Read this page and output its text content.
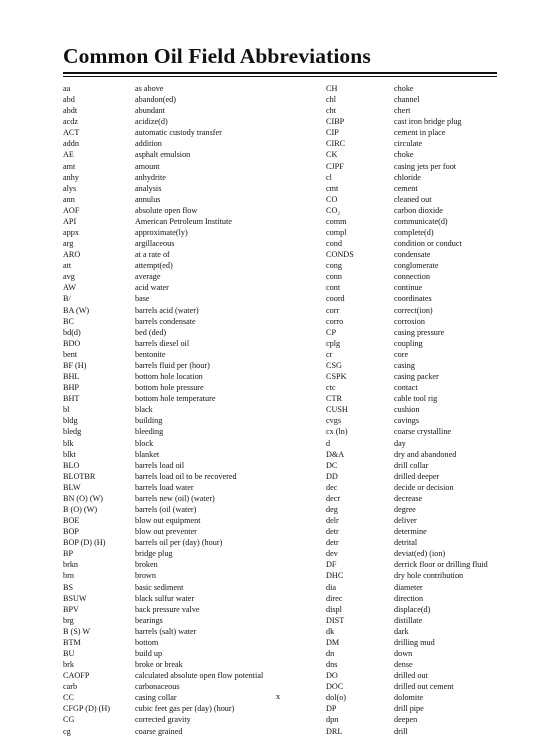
Common Oil Field Abbreviations
aa	as above	CH	choke
abd	abandon(ed)	chl	channel
abdt	abundant	cht	chert
acdz	acidize(d)	CIBP	cast iron bridge plug
ACT	automatic custody transfer	CIP	cement in place
addn	addition	CIRC	circulate
AE	asphalt emulsion	CK	choke
amt	amount	CJPF	casing jets per foot
anhy	anhydrite	cl	chloride
alys	analysis	cmt	cement
ann	annulus	CO	cleaned out
AOF	absolute open flow	CO₂	carbon dioxide
API	American Petroleum Institute	comm	communicate(d)
appx	approximate(ly)	compl	complete(d)
arg	argillaceous	cond	condition or conduct
ARO	at a rate of	CONDS	condensate
att	attempt(ed)	cong	conglomerate
avg	average	conn	connection
AW	acid water	cont	continue
B/	base	coord	coordinates
BA (W)	barrels acid (water)	corr	correct(ion)
BC	barrels condensate	corro	corrosion
bd(d)	bed (ded)	CP	casing pressure
BDO	barrels diesel oil	cplg	coupling
bent	bentonite	cr	core
BF (H)	barrels fluid per (hour)	CSG	casing
BHL	bottom hole location	CSPK	casing packer
BHP	bottom hole pressure	ctc	contact
BHT	bottom hole temperature	CTR	cable tool rig
bl	black	CUSH	cushion
bldg	building	cvgs	cavings
bledg	bleeding	cx (ln)	coarse crystalline
blk	block	d	day
blkt	blanket	D&A	dry and abandoned
BLO	barrels load oil	DC	drill collar
BLOTBR	barrels load oil to be recovered	DD	drilled deeper
BLW	barrels load water	dec	decide or decision
BN (O) (W)	barrels new (oil) (water)	decr	decrease
B (O) (W)	barrels (oil (water)	deg	degree
BOE	blow out equipment	delr	deliver
BOP	blow out preventer	detr	determine
BOP (D) (H)	barrels oil per (day) (hour)	detr	detrital
BP	bridge plug	dev	deviat(ed) (ion)
brkn	broken	DF	derrick floor or drilling fluid
brn	brown	DHC	dry hole contribution
BS	basic sediment	dia	diameter
BSUW	black sulfur water	direc	direction
BPV	back pressure valve	displ	displace(d)
brg	bearings	DIST	distillate
B (S) W	barrels (salt) water	dk	dark
BTM	bottom	DM	drilling mud
BU	build up	dn	down
brk	broke or break	dns	dense
CAOFP	calculated absolute open flow potential	DO	drilled out
carb	carbonaceous	DOC	drilled out cement
CC	casing collar	dol(o)	dolomite
CFGP (D) (H)	cubic feet gas per (day) (hour)	DP	drill pipe
CG	corrected gravity	dpn	deepen
cg	coarse grained	DRL	drill
x
